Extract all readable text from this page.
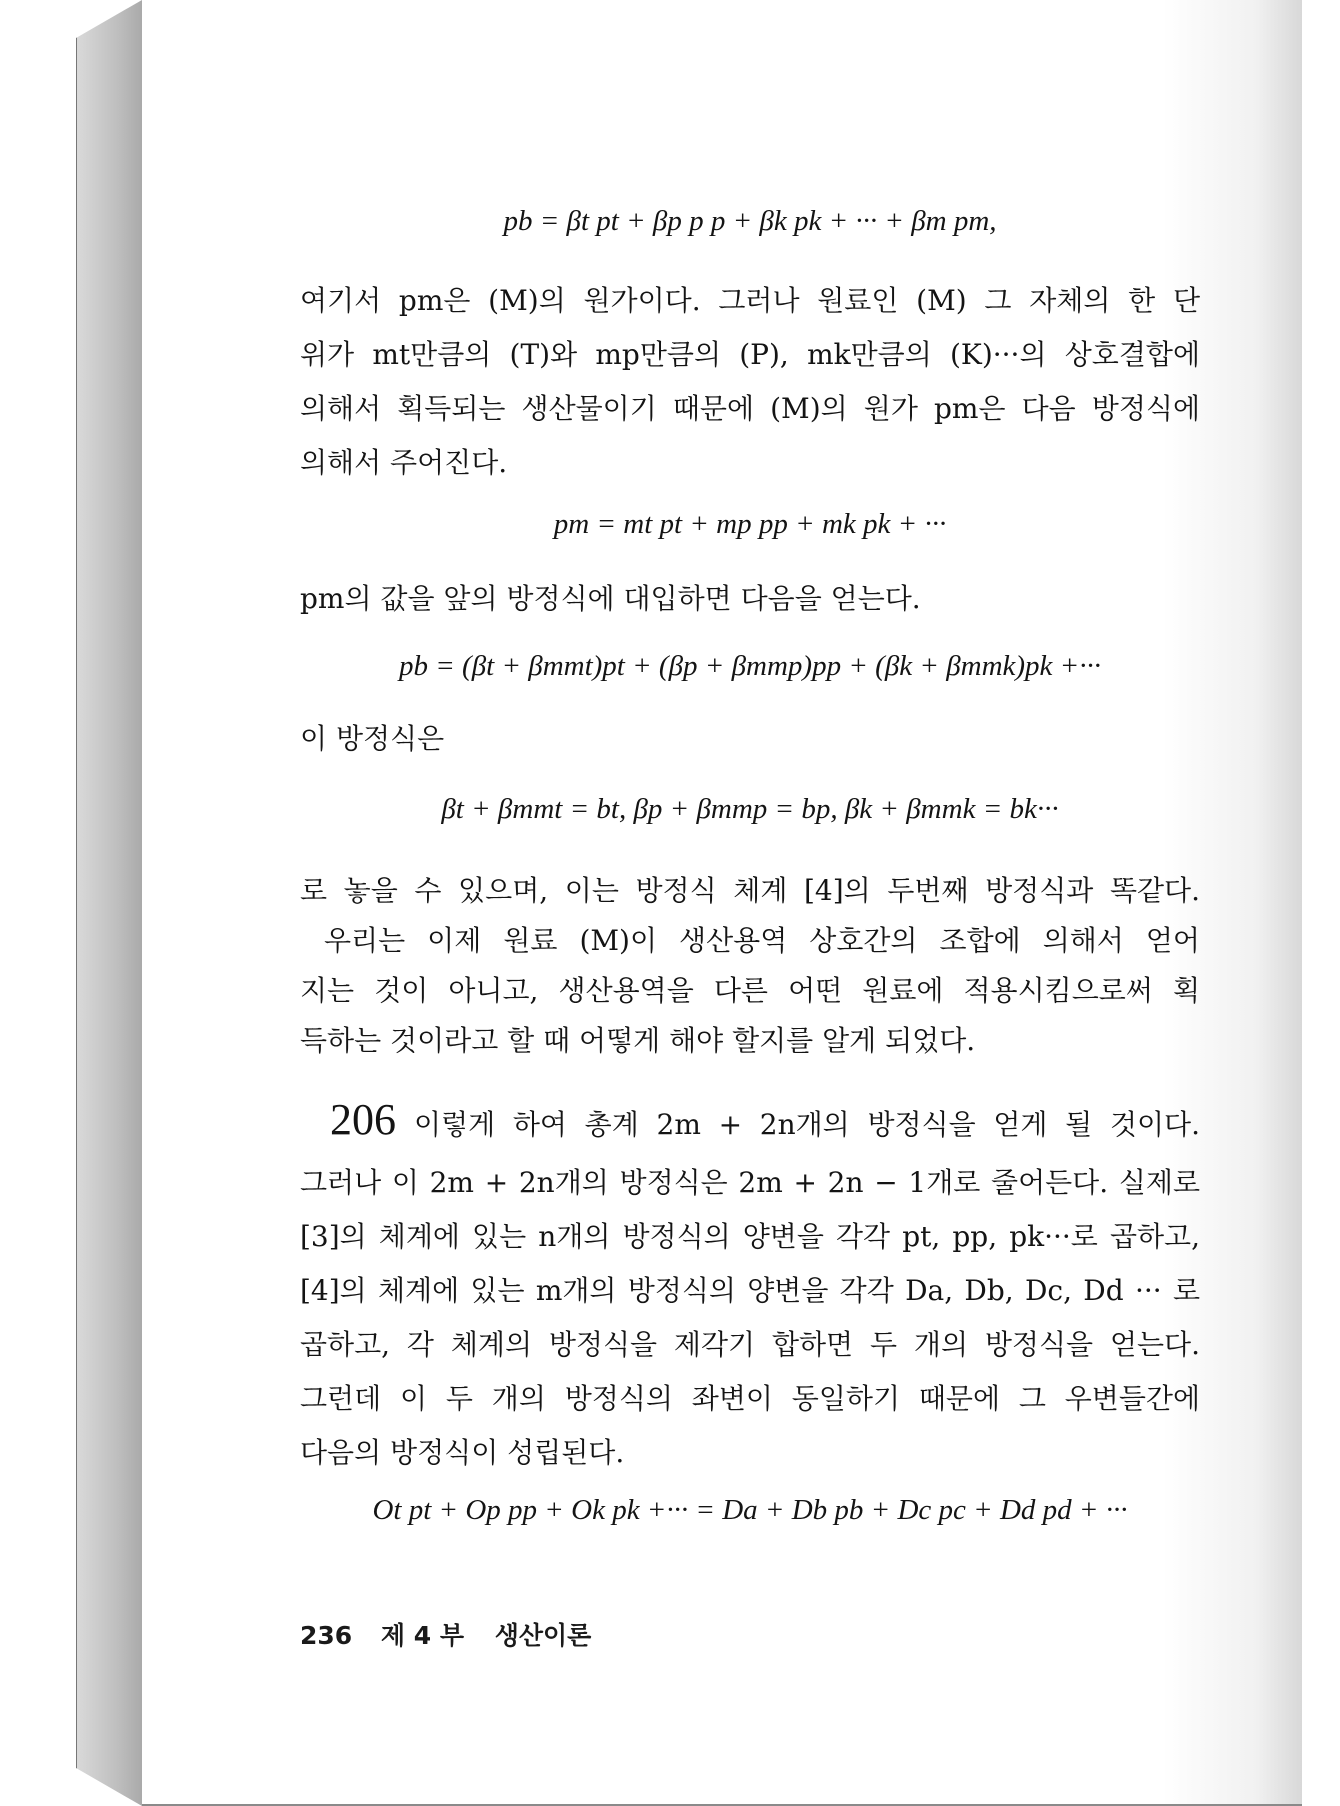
pb = βt pt + βp p p + βk pk + ··· + βm pm,
여기서 pm은 (M)의 원가이다. 그러나 원료인 (M) 그 자체의 한 단
위가 mt만큼의 (T)와 mp만큼의 (P), mk만큼의 (K)···의 상호결합에
의해서 획득되는 생산물이기 때문에 (M)의 원가 pm은 다음 방정식에
의해서 주어진다.
pm = mt pt + mp pp + mk pk + ···
pm의 값을 앞의 방정식에 대입하면 다음을 얻는다.
pb = (βt + βmmt)pt + (βp + βmmp)pp + (βk + βmmk)pk +···
이 방정식은
βt + βmmt = bt, βp + βmmp = bp, βk + βmmk = bk···
로 놓을 수 있으며, 이는 방정식 체계 [4]의 두번째 방정식과 똑같다.
우리는 이제 원료 (M)이 생산용역 상호간의 조합에 의해서 얻어
지는 것이 아니고, 생산용역을 다른 어떤 원료에 적용시킴으로써 획
득하는 것이라고 할 때 어떻게 해야 할지를 알게 되었다.
206 이렇게 하여 총계 2m + 2n개의 방정식을 얻게 될 것이다.
그러나 이 2m + 2n개의 방정식은 2m + 2n − 1개로 줄어든다. 실제로
[3]의 체계에 있는 n개의 방정식의 양변을 각각 pt, pp, pk···로 곱하고,
[4]의 체계에 있는 m개의 방정식의 양변을 각각 Da, Db, Dc, Dd ··· 로
곱하고, 각 체계의 방정식을 제각기 합하면 두 개의 방정식을 얻는다.
그런데 이 두 개의 방정식의 좌변이 동일하기 때문에 그 우변들간에
다음의 방정식이 성립된다.
Ot pt + Op pp + Ok pk +··· = Da + Db pb + Dc pc + Dd pd + ···
236 제 4 부 생산이론
